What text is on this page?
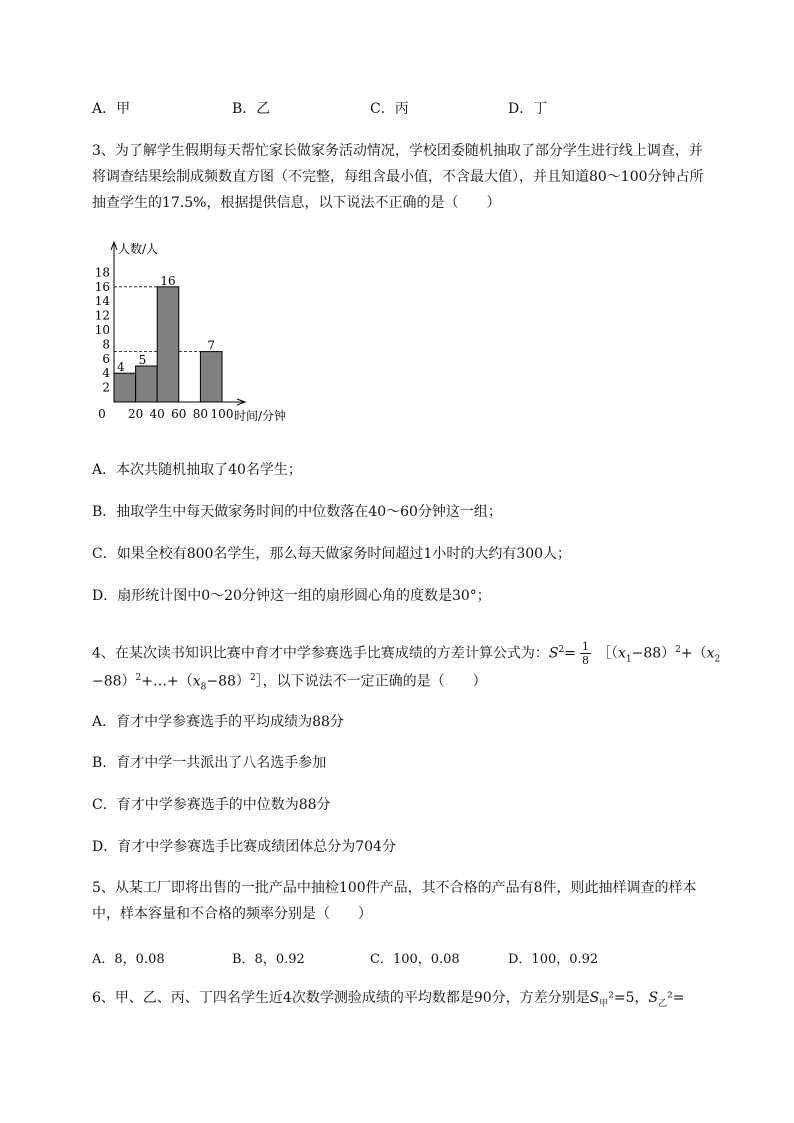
A．甲	B．乙	C．丙	D．丁
3、为了解学生假期每天帮忙家长做家务活动情况，学校团委随机抽取了部分学生进行线上调查，并
将调查结果绘制成频数直方图（不完整，每组含最小值，不含最大值），并且知道80～100分钟占所
抽查学生的17.5%，根据提供信息，以下说法不正确的是（　　）
4
5
16
7
2
4
6
8
10
12
14
16
18
0 20 40 60 80 100
人数/人
时间/分钟
A．本次共随机抽取了40名学生；
B．抽取学生中每天做家务时间的中位数落在40～60分钟这一组；
C．如果全校有800名学生，那么每天做家务时间超过1小时的大约有300人；
D．扇形统计图中0～20分钟这一组的扇形圆心角的度数是30°；
4、在某次读书知识比赛中育才中学参赛选手比赛成绩的方差计算公式为：$S^2= \frac{1}{8}$ $[(x_1-88)^2+(x_2$
$-88)^2+\dots+(x_8-88)^2]$，以下说法不一定正确的是（　　）
A．育才中学参赛选手的平均成绩为88分
B．育才中学一共派出了八名选手参加
C．育才中学参赛选手的中位数为88分
D．育才中学参赛选手比赛成绩团体总分为704分
5、从某工厂即将出售的一批产品中抽检100件产品，其不合格的产品有8件，则此抽样调查的样本
中，样本容量和不合格的频率分别是（　　）
A．8，0.08	B．8，0.92	C．100，0.08	D．100，0.92
6、甲、乙、丙、丁四名学生近4次数学测验成绩的平均数都是90分，方差分别是$S_甲^2=5$，$S_乙^2=$
